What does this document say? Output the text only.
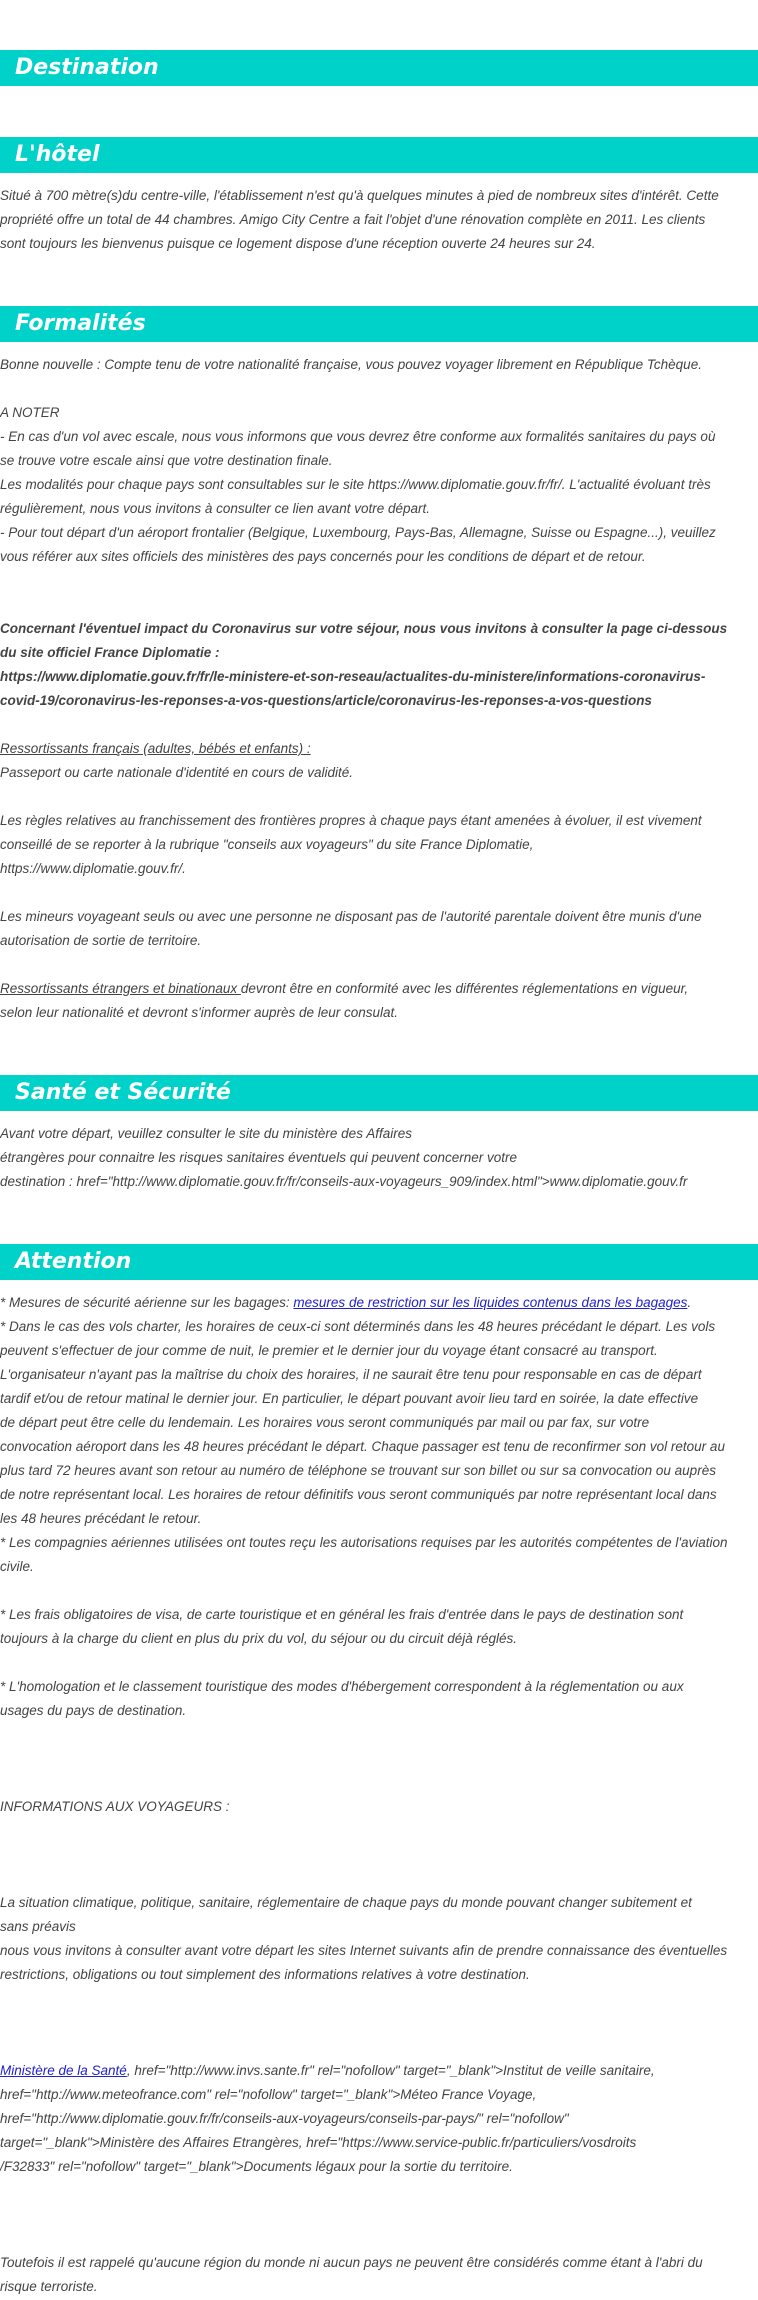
Destination
L'hôtel
Formalités
Santé et Sécurité
Attention
Situé à 700 mètre(s)du centre-ville, l'établissement n'est qu'à quelques minutes à pied de nombreux sites d'intérêt. Cette
propriété offre un total de 44 chambres. Amigo City Centre a fait l'objet d'une rénovation complète en 2011. Les clients
sont toujours les bienvenus puisque ce logement dispose d'une réception ouverte 24 heures sur 24.
Bonne nouvelle : Compte tenu de votre nationalité française, vous pouvez voyager librement en République Tchèque.
A NOTER
- En cas d'un vol avec escale, nous vous informons que vous devrez être conforme aux formalités sanitaires du pays où
se trouve votre escale ainsi que votre destination finale.
Les modalités pour chaque pays sont consultables sur le site https://www.diplomatie.gouv.fr/fr/. L'actualité évoluant très
régulièrement, nous vous invitons à consulter ce lien avant votre départ.
- Pour tout départ d'un aéroport frontalier (Belgique, Luxembourg, Pays-Bas, Allemagne, Suisse ou Espagne...), veuillez
vous référer aux sites officiels des ministères des pays concernés pour les conditions de départ et de retour.
Concernant l'éventuel impact du Coronavirus sur votre séjour, nous vous invitons à consulter la page ci-dessous
du site officiel France Diplomatie :
https://www.diplomatie.gouv.fr/fr/le-ministere-et-son-reseau/actualites-du-ministere/informations-coronavirus-
covid-19/coronavirus-les-reponses-a-vos-questions/article/coronavirus-les-reponses-a-vos-questions
Ressortissants français (adultes, bébés et enfants) :
Passeport ou carte nationale d'identité en cours de validité.
Les règles relatives au franchissement des frontières propres à chaque pays étant amenées à évoluer, il est vivement
conseillé de se reporter à la rubrique "conseils aux voyageurs" du site France Diplomatie,
https://www.diplomatie.gouv.fr/.
Les mineurs voyageant seuls ou avec une personne ne disposant pas de l'autorité parentale doivent être munis d'une
autorisation de sortie de territoire.
Ressortissants étrangers et binationaux devront être en conformité avec les différentes réglementations en vigueur,
selon leur nationalité et devront s'informer auprès de leur consulat.
Avant votre départ, veuillez consulter le site du ministère des Affaires
étrangères pour connaitre les risques sanitaires éventuels qui peuvent concerner votre
destination : href="http://www.diplomatie.gouv.fr/fr/conseils-aux-voyageurs_909/index.html">www.diplomatie.gouv.fr
* Mesures de sécurité aérienne sur les bagages: mesures de restriction sur les liquides contenus dans les bagages.
* Dans le cas des vols charter, les horaires de ceux-ci sont déterminés dans les 48 heures précédant le départ. Les vols
peuvent s'effectuer de jour comme de nuit, le premier et le dernier jour du voyage étant consacré au transport.
L'organisateur n'ayant pas la maîtrise du choix des horaires, il ne saurait être tenu pour responsable en cas de départ
tardif et/ou de retour matinal le dernier jour. En particulier, le départ pouvant avoir lieu tard en soirée, la date effective
de départ peut être celle du lendemain. Les horaires vous seront communiqués par mail ou par fax, sur votre
convocation aéroport dans les 48 heures précédant le départ. Chaque passager est tenu de reconfirmer son vol retour au
plus tard 72 heures avant son retour au numéro de téléphone se trouvant sur son billet ou sur sa convocation ou auprès
de notre représentant local. Les horaires de retour définitifs vous seront communiqués par notre représentant local dans
les 48 heures précédant le retour.
* Les compagnies aériennes utilisées ont toutes reçu les autorisations requises par les autorités compétentes de l'aviation
civile.
* Les frais obligatoires de visa, de carte touristique et en général les frais d'entrée dans le pays de destination sont
toujours à la charge du client en plus du prix du vol, du séjour ou du circuit déjà réglés.
* L'homologation et le classement touristique des modes d'hébergement correspondent à la réglementation ou aux
usages du pays de destination.
INFORMATIONS AUX VOYAGEURS :
La situation climatique, politique, sanitaire, réglementaire de chaque pays du monde pouvant changer subitement et
sans préavis
nous vous invitons à consulter avant votre départ les sites Internet suivants afin de prendre connaissance des éventuelles
restrictions, obligations ou tout simplement des informations relatives à votre destination.
Ministère de la Santé, href="http://www.invs.sante.fr" rel="nofollow" target="_blank">Institut de veille sanitaire,
href="http://www.meteofrance.com" rel="nofollow" target="_blank">Méteo France Voyage,
href="http://www.diplomatie.gouv.fr/fr/conseils-aux-voyageurs/conseils-par-pays/" rel="nofollow"
target="_blank">Ministère des Affaires Etrangères, href="https://www.service-public.fr/particuliers/vosdroits
/F32833" rel="nofollow" target="_blank">Documents légaux pour la sortie du territoire.
Toutefois il est rappelé qu'aucune région du monde ni aucun pays ne peuvent être considérés comme étant à l'abri du
risque terroriste.
